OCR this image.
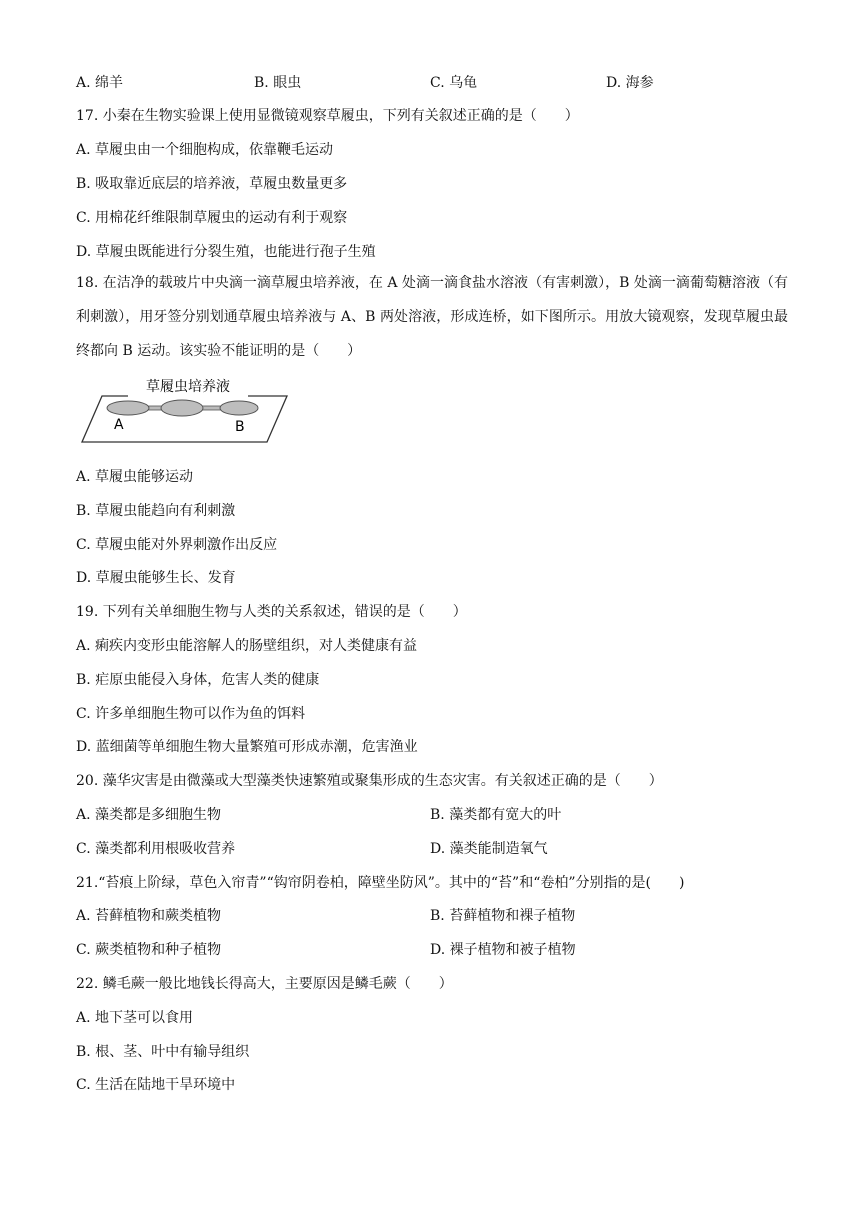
A. 绵羊	B. 眼虫	C. 乌龟	D. 海参
17. 小秦在生物实验课上使用显微镜观察草履虫，下列有关叙述正确的是（　　）
A. 草履虫由一个细胞构成，依靠鞭毛运动
B. 吸取靠近底层的培养液，草履虫数量更多
C. 用棉花纤维限制草履虫的运动有利于观察
D. 草履虫既能进行分裂生殖，也能进行孢子生殖
18. 在洁净的载玻片中央滴一滴草履虫培养液，在 A 处滴一滴食盐水溶液（有害刺激），B 处滴一滴葡萄糖溶液（有利刺激），用牙签分别划通草履虫培养液与 A、B 两处溶液，形成连桥，如下图所示。用放大镜观察，发现草履虫最终都向 B 运动。该实验不能证明的是（　　）
草履虫培养液
A	B
A. 草履虫能够运动
B. 草履虫能趋向有利刺激
C. 草履虫能对外界刺激作出反应
D. 草履虫能够生长、发育
19. 下列有关单细胞生物与人类的关系叙述，错误的是（　　）
A. 痢疾内变形虫能溶解人的肠壁组织，对人类健康有益
B. 疟原虫能侵入身体，危害人类的健康
C. 许多单细胞生物可以作为鱼的饵料
D. 蓝细菌等单细胞生物大量繁殖可形成赤潮，危害渔业
20. 藻华灾害是由微藻或大型藻类快速繁殖或聚集形成的生态灾害。有关叙述正确的是（　　）
A. 藻类都是多细胞生物	B. 藻类都有宽大的叶
C. 藻类都利用根吸收营养	D. 藻类能制造氧气
21.“苔痕上阶绿，草色入帘青”“钩帘阴卷柏，障壁坐防风”。其中的“苔”和“卷柏”分别指的是(　　)
A. 苔藓植物和蕨类植物	B. 苔藓植物和裸子植物
C. 蕨类植物和种子植物	D. 裸子植物和被子植物
22. 鳞毛蕨一般比地钱长得高大，主要原因是鳞毛蕨（　　）
A. 地下茎可以食用
B. 根、茎、叶中有输导组织
C. 生活在陆地干旱环境中
